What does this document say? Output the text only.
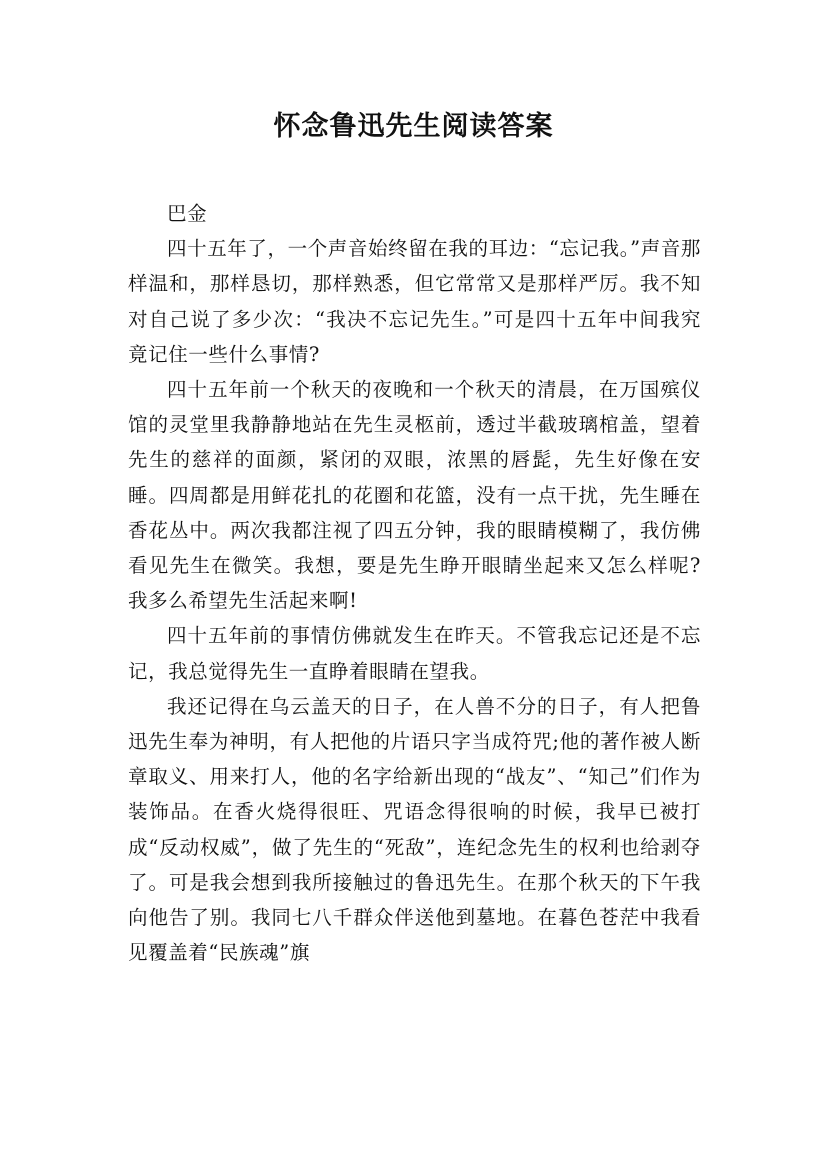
怀念鲁迅先生阅读答案

巴金

四十五年了，一个声音始终留在我的耳边：“忘记我。”声音那样温和，那样恳切，那样熟悉，但它常常又是那样严厉。我不知对自己说了多少次：“我决不忘记先生。”可是四十五年中间我究竟记住一些什么事情?

四十五年前一个秋天的夜晚和一个秋天的清晨，在万国殡仪馆的灵堂里我静静地站在先生灵柩前，透过半截玻璃棺盖，望着先生的慈祥的面颜，紧闭的双眼，浓黑的唇髭，先生好像在安睡。四周都是用鲜花扎的花圈和花篮，没有一点干扰，先生睡在香花丛中。两次我都注视了四五分钟，我的眼睛模糊了，我仿佛看见先生在微笑。我想，要是先生睁开眼睛坐起来又怎么样呢?我多么希望先生活起来啊!

四十五年前的事情仿佛就发生在昨天。不管我忘记还是不忘记，我总觉得先生一直睁着眼睛在望我。

我还记得在乌云盖天的日子，在人兽不分的日子，有人把鲁迅先生奉为神明，有人把他的片语只字当成符咒;他的著作被人断章取义、用来打人，他的名字给新出现的“战友”、“知己”们作为装饰品。在香火烧得很旺、咒语念得很响的时候，我早已被打成“反动权威”，做了先生的“死敌”，连纪念先生的权利也给剥夺了。可是我会想到我所接触过的鲁迅先生。在那个秋天的下午我向他告了别。我同七八千群众伴送他到墓地。在暮色苍茫中我看见覆盖着“民族魂”旗
